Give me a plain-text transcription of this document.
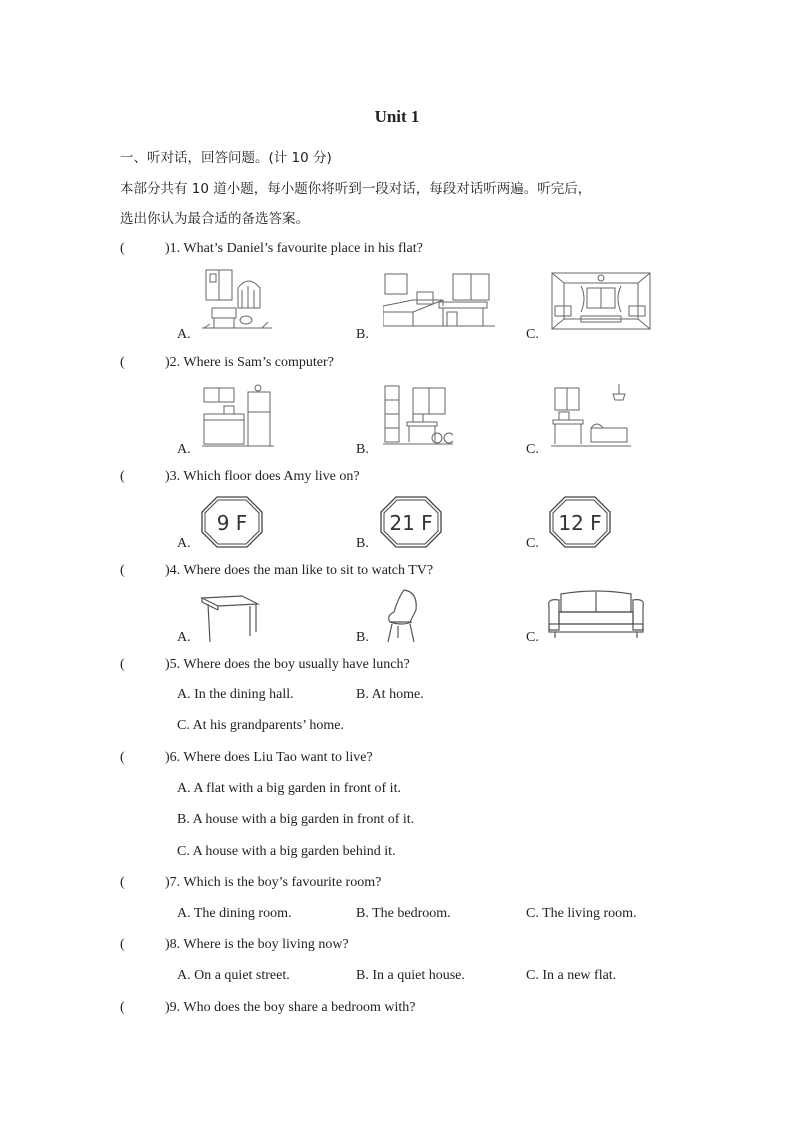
Unit 1
一、听对话，回答问题。(计 10 分)
本部分共有 10 道小题，每小题你将听到一段对话，每段对话听两遍。听完后，
选出你认为最合适的备选答案。
(	)1. What’s Daniel’s favourite place in his flat?
A.	B.	C.
(	)2. Where is Sam’s computer?
A.	B.	C.
(	)3. Which floor does Amy live on?
A.	B.	C.
9 F	21 F	12 F
(	)4. Where does the man like to sit to watch TV?
A.	B.	C.
(	)5. Where does the boy usually have lunch?
A. In the dining hall.	B. At home.
C. At his grandparents’ home.
(	)6. Where does Liu Tao want to live?
A. A flat with a big garden in front of it.
B. A house with a big garden in front of it.
C. A house with a big garden behind it.
(	)7. Which is the boy’s favourite room?
A. The dining room.	B. The bedroom.	C. The living room.
(	)8. Where is the boy living now?
A. On a quiet street.	B. In a quiet house.	C. In a new flat.
(	)9. Who does the boy share a bedroom with?
